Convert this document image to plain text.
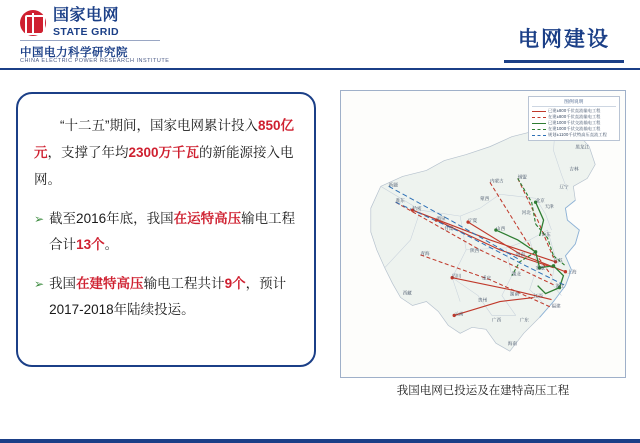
国家电网
STATE GRID
中国电力科学研究院
CHINA ELECTRIC POWER RESEARCH INSTITUTE
电网建设

“十二五”期间，国家电网累计投入850亿元，支撑了年均2300万千瓦的新能源接入电网。

➢ 截至2016年底，我国在运特高压输电工程合计13个。
➢ 我国在建特高压输电工程共计9个，预计2017-2018年陆续投运。
新疆
准东
哈密
青海
西藏
甘肃
酒泉	宁夏
内蒙古
锡盟
蒙西
陕西
山西
北京
天津
河北
山东
河南
江苏
安徽
上海
浙江
湖北
四川	重庆
湖南	江西
福建
贵州
云南
广西	广东
海南
辽宁
吉林
黑龙江
图例说明
已建±800千伏直流输电工程
在建±800千伏直流输电工程
已建1000千伏交流输电工程
在建1000千伏交流输电工程
规划±1100千伏特高压直流工程
我国电网已投运及在建特高压工程
